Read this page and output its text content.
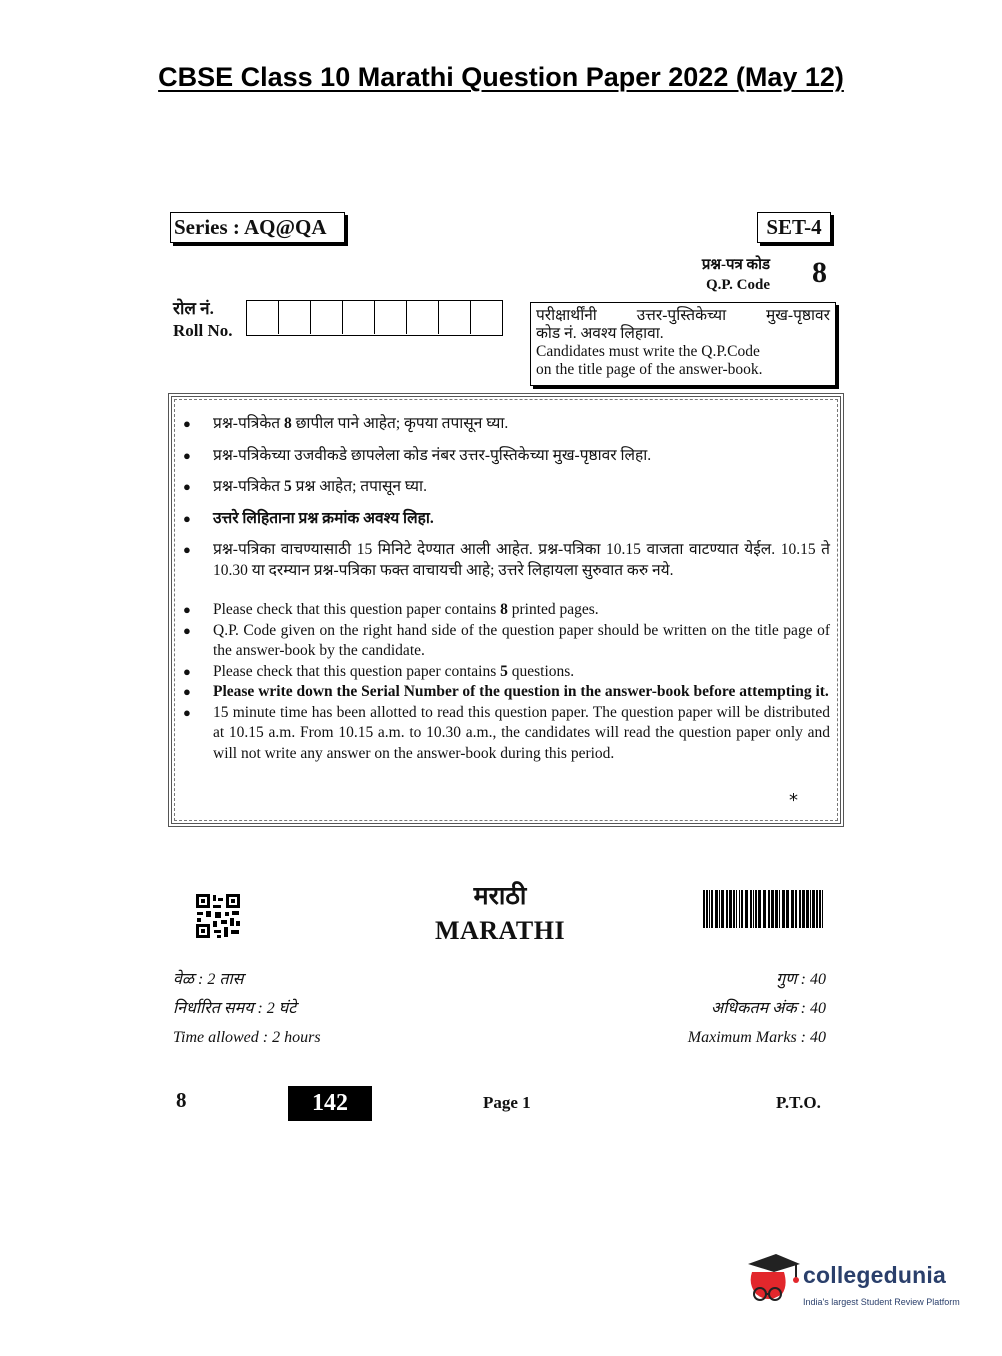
CBSE Class 10 Marathi Question Paper 2022 (May 12)
Series : AQ@QA	SET-4
प्रश्न-पत्र कोड
Q.P. Code 8
रोल नं.
Roll No.
परीक्षार्थींनी	उत्तर-पुस्तिकेच्या	मुख-पृष्ठावर
कोड नं. अवश्य लिहावा.
Candidates must write the Q.P.Code
on the title page of the answer-book.
●	प्रश्न-पत्रिकेत 8 छापील पाने आहेत; कृपया तपासून घ्या.
●	प्रश्न-पत्रिकेच्या उजवीकडे छापलेला कोड नंबर उत्तर-पुस्तिकेच्या मुख-पृष्ठावर लिहा.
●	प्रश्न-पत्रिकेत 5 प्रश्न आहेत; तपासून घ्या.
●	उत्तरे लिहिताना प्रश्न क्रमांक अवश्य लिहा.
●	प्रश्न-पत्रिका वाचण्यासाठी 15 मिनिटे देण्यात आली आहेत. प्रश्न-पत्रिका 10.15 वाजता वाटण्यात येईल. 10.15 ते 10.30 या दरम्यान प्रश्न-पत्रिका फक्त वाचायची आहे; उत्तरे लिहायला सुरुवात करु नये.
●	Please check that this question paper contains 8 printed pages.
●	Q.P. Code given on the right hand side of the question paper should be written on the title page of the answer-book by the candidate.
●	Please check that this question paper contains 5 questions.
●	Please write down the Serial Number of the question in the answer-book before attempting it.
●	15 minute time has been allotted to read this question paper. The question paper will be distributed at 10.15 a.m. From 10.15 a.m. to 10.30 a.m., the candidates will read the question paper only and will not write any answer on the answer-book during this period.
*
मराठी
MARATHI
वेळ : 2 तास
निर्धारित समय : 2 घंटे
Time allowed : 2 hours
गुण : 40
अधिकतम अंक : 40
Maximum Marks : 40
8	142	Page 1	P.T.O.
collegedunia
India's largest Student Review Platform
